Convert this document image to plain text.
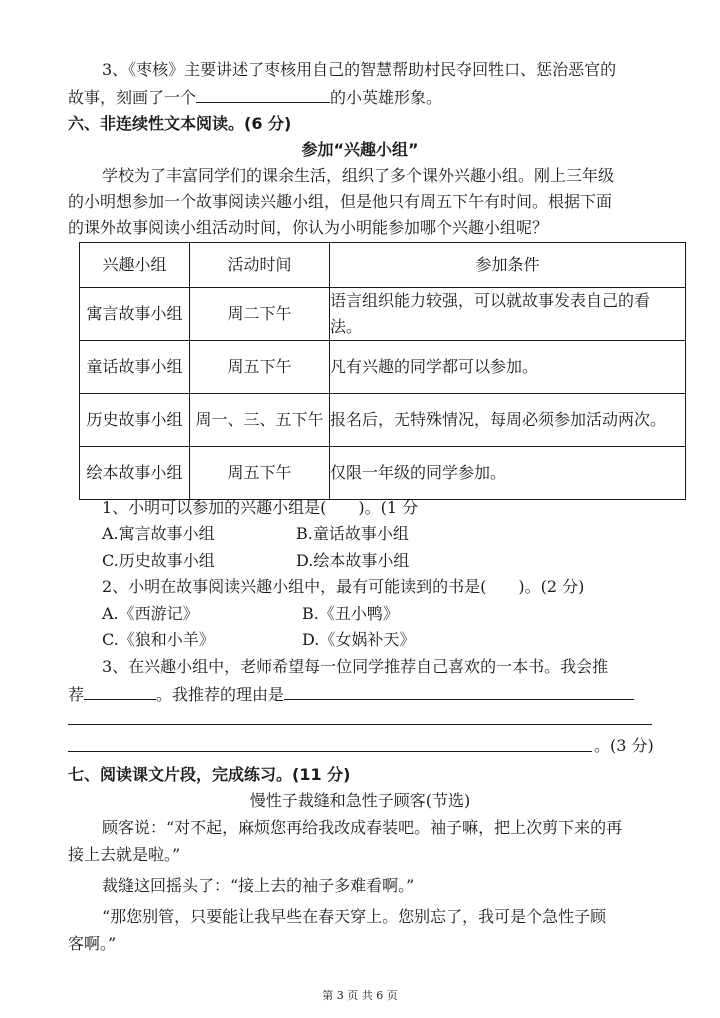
3、《枣核》主要讲述了枣核用自己的智慧帮助村民夺回牲口、惩治恶官的
故事，刻画了一个	的小英雄形象。
六、非连续性文本阅读。(6 分)
参加“兴趣小组”
学校为了丰富同学们的课余生活，组织了多个课外兴趣小组。刚上三年级
的小明想参加一个故事阅读兴趣小组，但是他只有周五下午有时间。根据下面
的课外故事阅读小组活动时间，你认为小明能参加哪个兴趣小组呢？
兴趣小组	活动时间	参加条件
寓言故事小组	周二下午	语言组织能力较强，可以就故事发表自己的看
法。

童话故事小组	周五下午	凡有兴趣的同学都可以参加。
历史故事小组	周一、三、五下午	报名后，无特殊情况，每周必须参加活动两次。
绘本故事小组	周五下午	仅限一年级的同学参加。
1、小明可以参加的兴趣小组是(　　)。(1 分
A.寓言故事小组	B.童话故事小组
C.历史故事小组	D.绘本故事小组
2、小明在故事阅读兴趣小组中，最有可能读到的书是(　　)。(2 分)
A.《西游记》	B.《丑小鸭》
C.《狼和小羊》	D.《女娲补天》
3、在兴趣小组中，老师希望每一位同学推荐自己喜欢的一本书。我会推
荐	。我推荐的理由是
。(3 分)
七、阅读课文片段，完成练习。(11 分)
慢性子裁缝和急性子顾客(节选)
顾客说：“对不起，麻烦您再给我改成春装吧。袖子嘛，把上次剪下来的再
接上去就是啦。”
裁缝这回摇头了：“接上去的袖子多难看啊。”
“那您别管，只要能让我早些在春天穿上。您别忘了，我可是个急性子顾
客啊。”
第 3 页 共 6 页
